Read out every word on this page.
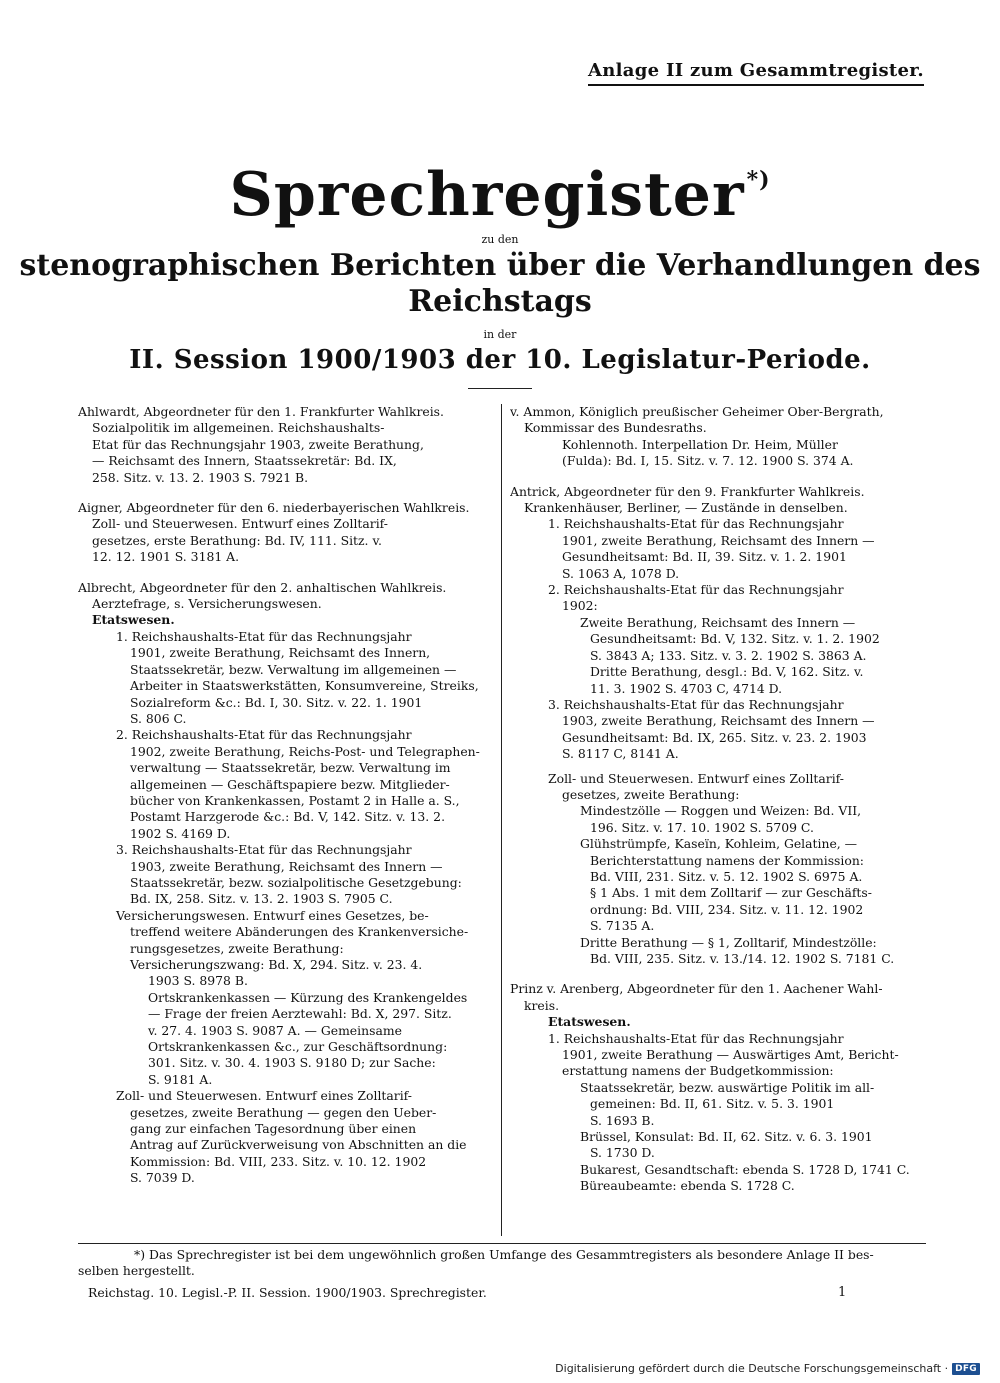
Anlage II zum Gesammtregister.
Sprechregister*)
zu den
stenographischen Berichten über die Verhandlungen des Reichstags
in der
II. Session 1900/1903 der 10. Legislatur-Periode.
Ahlwardt, Abgeordneter für den 1. Frankfurter Wahlkreis.
Sozialpolitik im allgemeinen. Reichshaushalts-
Etat für das Rechnungsjahr 1903, zweite Berathung,
— Reichsamt des Innern, Staatssekretär: Bd. IX,
258. Sitz. v. 13. 2. 1903 S. 7921 B.
Aigner, Abgeordneter für den 6. niederbayerischen Wahlkreis.
Zoll- und Steuerwesen. Entwurf eines Zolltarif-
gesetzes, erste Berathung: Bd. IV, 111. Sitz. v.
12. 12. 1901 S. 3181 A.
Albrecht, Abgeordneter für den 2. anhaltischen Wahlkreis.
Aerztefrage, s. Versicherungswesen.
Etatswesen.
1. Reichshaushalts-Etat für das Rechnungsjahr
1901, zweite Berathung, Reichsamt des Innern,
Staatssekretär, bezw. Verwaltung im allgemeinen —
Arbeiter in Staatswerkstätten, Konsumvereine, Streiks,
Sozialreform &c.: Bd. I, 30. Sitz. v. 22. 1. 1901
S. 806 C.
2. Reichshaushalts-Etat für das Rechnungsjahr
1902, zweite Berathung, Reichs-Post- und Telegraphen-
verwaltung — Staatssekretär, bezw. Verwaltung im
allgemeinen — Geschäftspapiere bezw. Mitglieder-
bücher von Krankenkassen, Postamt 2 in Halle a. S.,
Postamt Harzgerode &c.: Bd. V, 142. Sitz. v. 13. 2.
1902 S. 4169 D.
3. Reichshaushalts-Etat für das Rechnungsjahr
1903, zweite Berathung, Reichsamt des Innern —
Staatssekretär, bezw. sozialpolitische Gesetzgebung:
Bd. IX, 258. Sitz. v. 13. 2. 1903 S. 7905 C.
Versicherungswesen. Entwurf eines Gesetzes, be-
treffend weitere Abänderungen des Krankenversiche-
rungsgesetzes, zweite Berathung:
Versicherungszwang: Bd. X, 294. Sitz. v. 23. 4.
1903 S. 8978 B.
Ortskrankenkassen — Kürzung des Krankengeldes
— Frage der freien Aerztewahl: Bd. X, 297. Sitz.
v. 27. 4. 1903 S. 9087 A. — Gemeinsame
Ortskrankenkassen &c., zur Geschäftsordnung:
301. Sitz. v. 30. 4. 1903 S. 9180 D; zur Sache:
S. 9181 A.
Zoll- und Steuerwesen. Entwurf eines Zolltarif-
gesetzes, zweite Berathung — gegen den Ueber-
gang zur einfachen Tagesordnung über einen
Antrag auf Zurückverweisung von Abschnitten an die
Kommission: Bd. VIII, 233. Sitz. v. 10. 12. 1902
S. 7039 D.
v. Ammon, Königlich preußischer Geheimer Ober-Bergrath,
Kommissar des Bundesraths.
Kohlennoth. Interpellation Dr. Heim, Müller
(Fulda): Bd. I, 15. Sitz. v. 7. 12. 1900 S. 374 A.
Antrick, Abgeordneter für den 9. Frankfurter Wahlkreis.
Krankenhäuser, Berliner, — Zustände in denselben.
1. Reichshaushalts-Etat für das Rechnungsjahr
1901, zweite Berathung, Reichsamt des Innern —
Gesundheitsamt: Bd. II, 39. Sitz. v. 1. 2. 1901
S. 1063 A, 1078 D.
2. Reichshaushalts-Etat für das Rechnungsjahr
1902:
Zweite Berathung, Reichsamt des Innern —
Gesundheitsamt: Bd. V, 132. Sitz. v. 1. 2. 1902
S. 3843 A; 133. Sitz. v. 3. 2. 1902 S. 3863 A.
Dritte Berathung, desgl.: Bd. V, 162. Sitz. v.
11. 3. 1902 S. 4703 C, 4714 D.
3. Reichshaushalts-Etat für das Rechnungsjahr
1903, zweite Berathung, Reichsamt des Innern —
Gesundheitsamt: Bd. IX, 265. Sitz. v. 23. 2. 1903
S. 8117 C, 8141 A.
Zoll- und Steuerwesen. Entwurf eines Zolltarif-
gesetzes, zweite Berathung:
Mindestzölle — Roggen und Weizen: Bd. VII,
196. Sitz. v. 17. 10. 1902 S. 5709 C.
Glühstrümpfe, Kaseïn, Kohleim, Gelatine, —
Berichterstattung namens der Kommission:
Bd. VIII, 231. Sitz. v. 5. 12. 1902 S. 6975 A.
§ 1 Abs. 1 mit dem Zolltarif — zur Geschäfts-
ordnung: Bd. VIII, 234. Sitz. v. 11. 12. 1902
S. 7135 A.
Dritte Berathung — § 1, Zolltarif, Mindestzölle:
Bd. VIII, 235. Sitz. v. 13./14. 12. 1902 S. 7181 C.
Prinz v. Arenberg, Abgeordneter für den 1. Aachener Wahl-
kreis.
Etatswesen.
1. Reichshaushalts-Etat für das Rechnungsjahr
1901, zweite Berathung — Auswärtiges Amt, Bericht-
erstattung namens der Budgetkommission:
Staatssekretär, bezw. auswärtige Politik im all-
gemeinen: Bd. II, 61. Sitz. v. 5. 3. 1901
S. 1693 B.
Brüssel, Konsulat: Bd. II, 62. Sitz. v. 6. 3. 1901
S. 1730 D.
Bukarest, Gesandtschaft: ebenda S. 1728 D, 1741 C.
Büreaubeamte: ebenda S. 1728 C.
*) Das Sprechregister ist bei dem ungewöhnlich großen Umfange des Gesammtregisters als besondere Anlage II bes-
selben hergestellt.
Reichstag. 10. Legisl.-P. II. Session. 1900/1903. Sprechregister.	1
Digitalisierung gefördert durch die Deutsche Forschungsgemeinschaft · DFG
